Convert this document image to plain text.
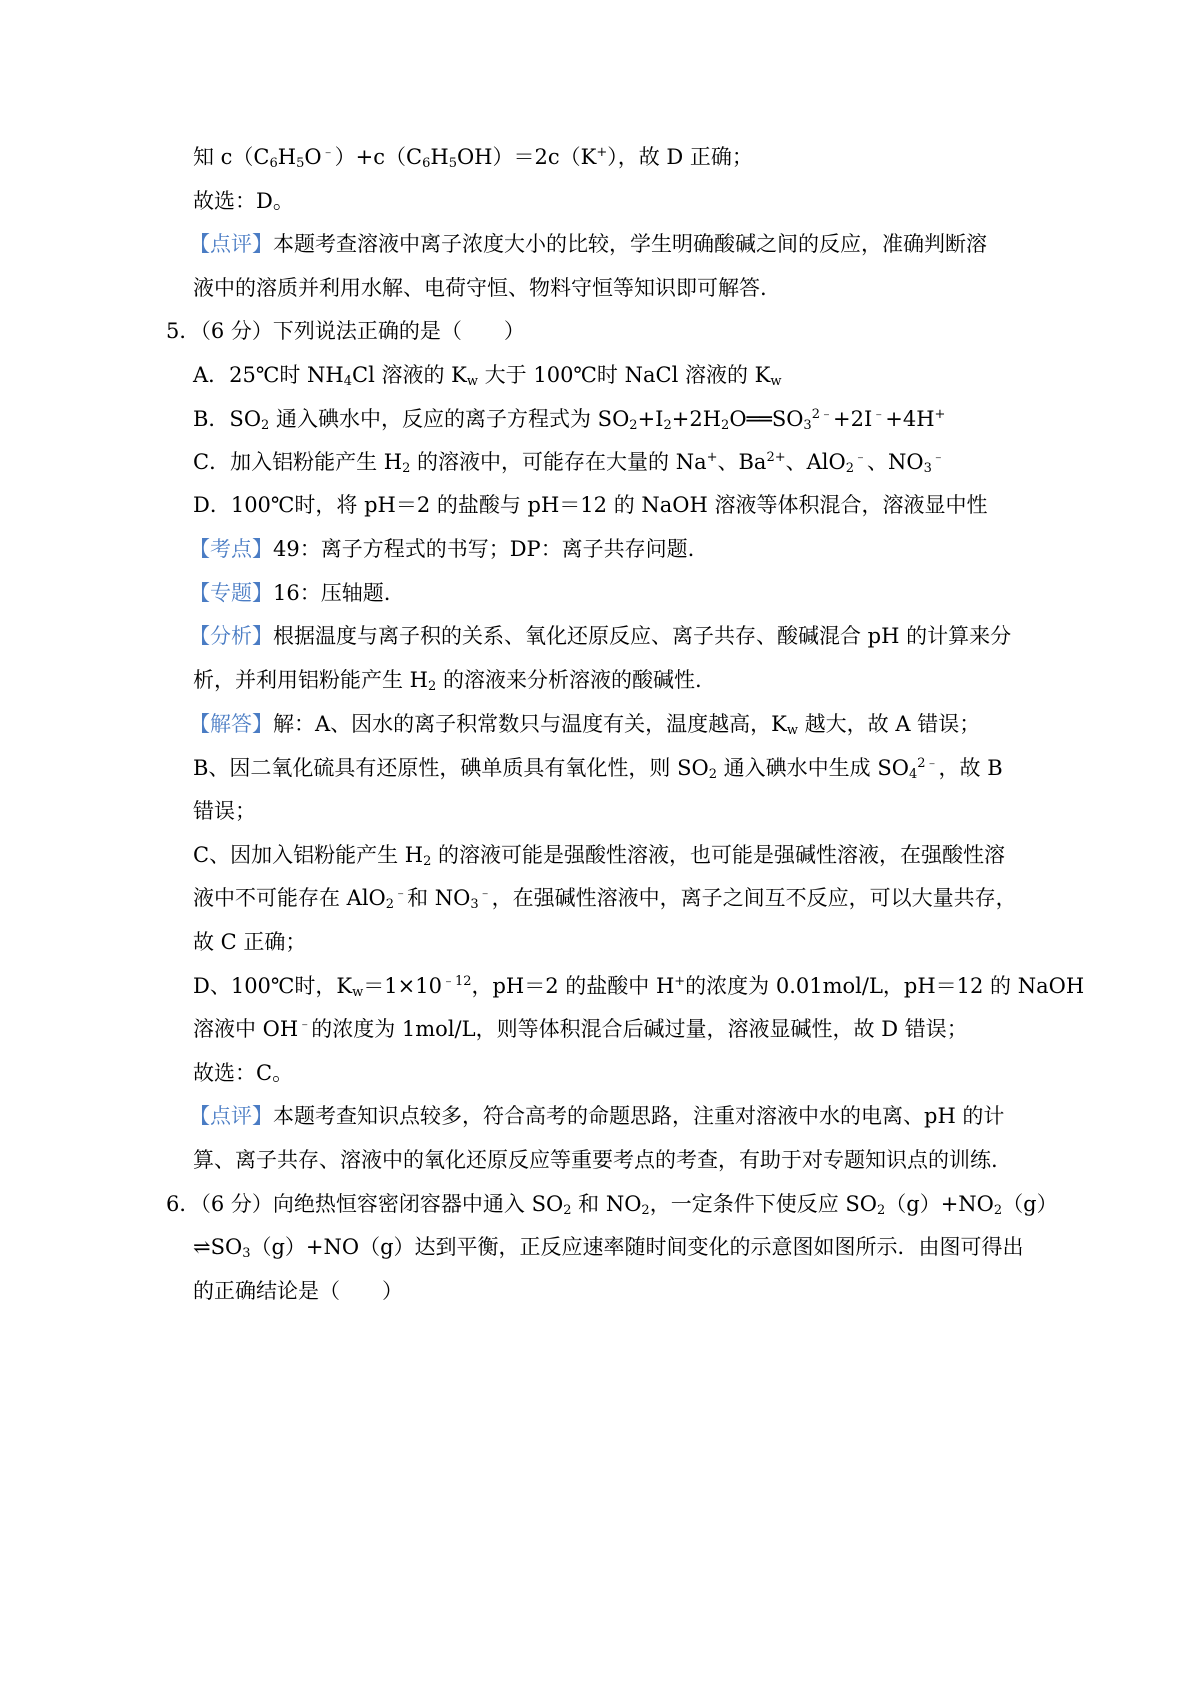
知 $c(C_6H_5O^﹣)+c(C_6H_5OH)=2c(K^+)$，故 D 正确；
故选：D。
【点评】本题考查溶液中离子浓度大小的比较，学生明确酸碱之间的反应，准确判断溶
液中的溶质并利用水解、电荷守恒、物料守恒等知识即可解答.
5．（6 分）下列说法正确的是（　　）
A．25℃时 $NH_4Cl$ 溶液的 $K_w$ 大于 100℃时 NaCl 溶液的 $K_w$
B．$SO_2$ 通入碘水中，反应的离子方程式为 $SO_2+I_2+2H_2O══SO_3^{2﹣}+2I^﹣+4H^+$
C．加入铝粉能产生 $H_2$ 的溶液中，可能存在大量的 Na+、$Ba^{2+}$、AlO$_2$﹣、$NO_3^﹣$
D．100℃时，将 pH＝2 的盐酸与 pH＝12 的 NaOH 溶液等体积混合，溶液显中性
【考点】49：离子方程式的书写；DP：离子共存问题.
【专题】16：压轴题.
【分析】根据温度与离子积的关系、氧化还原反应、离子共存、酸碱混合 pH 的计算来分
析，并利用铝粉能产生 $H_2$ 的溶液来分析溶液的酸碱性.
【解答】解：A、因水的离子积常数只与温度有关，温度越高，$K_w$ 越大，故 A 错误；
B、因二氧化硫具有还原性，碘单质具有氧化性，则 $SO_2$ 通入碘水中生成 $SO_4^{2﹣}$，故 B
错误；
C、因加入铝粉能产生 $H_2$ 的溶液可能是强酸性溶液，也可能是强碱性溶液，在强酸性溶
液中不可能存在 AlO$_2$﹣和 $NO_3^﹣$，在强碱性溶液中，离子之间互不反应，可以大量共存，
故 C 正确；
D、100℃时，$K_w=1\times 10^{﹣12}$，pH＝2 的盐酸中 H+的浓度为 0.01mol/L，pH＝12 的 NaOH
溶液中 OH﹣的浓度为 1mol/L，则等体积混合后碱过量，溶液显碱性，故 D 错误；
故选：C。
【点评】本题考查知识点较多，符合高考的命题思路，注重对溶液中水的电离、pH 的计
算、离子共存、溶液中的氧化还原反应等重要考点的考查，有助于对专题知识点的训练.
6．（6 分）向绝热恒容密闭容器中通入 $SO_2$ 和 $NO_2$，一定条件下使反应 $SO_2(g)+NO_2(g)$
$\rightleftharpoons SO_3(g)+NO(g)$达到平衡，正反应速率随时间变化的示意图如图所示．由图可得出
的正确结论是（　　）
